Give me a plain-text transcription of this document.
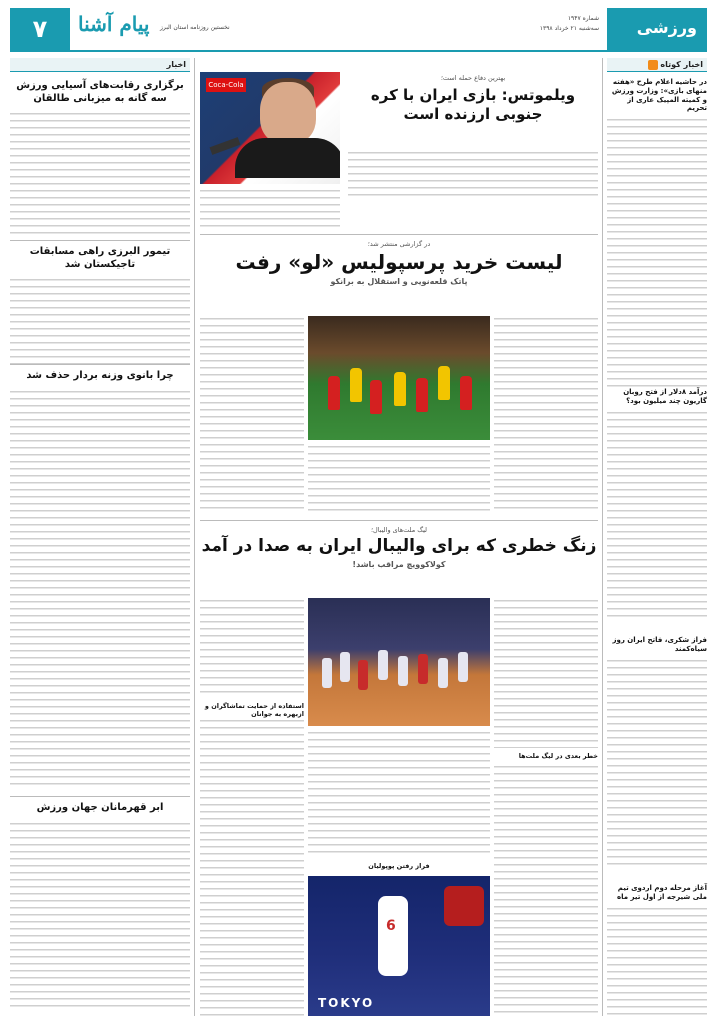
ورزشی
شماره ۱۹۴۷
سه‌شنبه ۲۱ خرداد ۱۳۹۸
۷	پیام آشنا نخستین روزنامه استان البرز
اخبار کوتاه
در حاشیه اعلام طرح «هفته منهای بازی»: وزارت ورزش و کمیته المپیک عاری از تحریم
درآمد ۸دلار از فتح روبان گاریون چند میلیون بود؟
فراز شکری، فاتح ایران روز سیاه‌کمند
آغاز مرحله دوم اردوی تیم ملی شیرجه از اول تیر ماه
Coca-Cola
بهترین دفاع حمله است؛
ویلموتس: بازی ایران با کره جنوبی ارزنده است
در گزارشی منتشر شد؛
لیست خرید پرسپولیس «لو» رفت
پاتک قلعه‌نویی و استقلال به برانکو
لیگ ملت‌های والیبال؛
زنگ خطری که برای والیبال ایران به صدا در آمد
کولاکوویچ مراقب باشد!
خطر بعدی در لیگ ملت‌ها
استفاده از حمایت تماشاگران و ازبهره به جوانان
فراز رفتن پوپولیان
6
TOKYO
اخبار
برگزاری رقابت‌های آسیایی ورزش سه گانه به میزبانی طالقان
تیمور البرزی راهی مسابقات تاجیکستان شد
چرا بانوی وزنه بردار حذف شد
ابر قهرمانان جهان ورزش
